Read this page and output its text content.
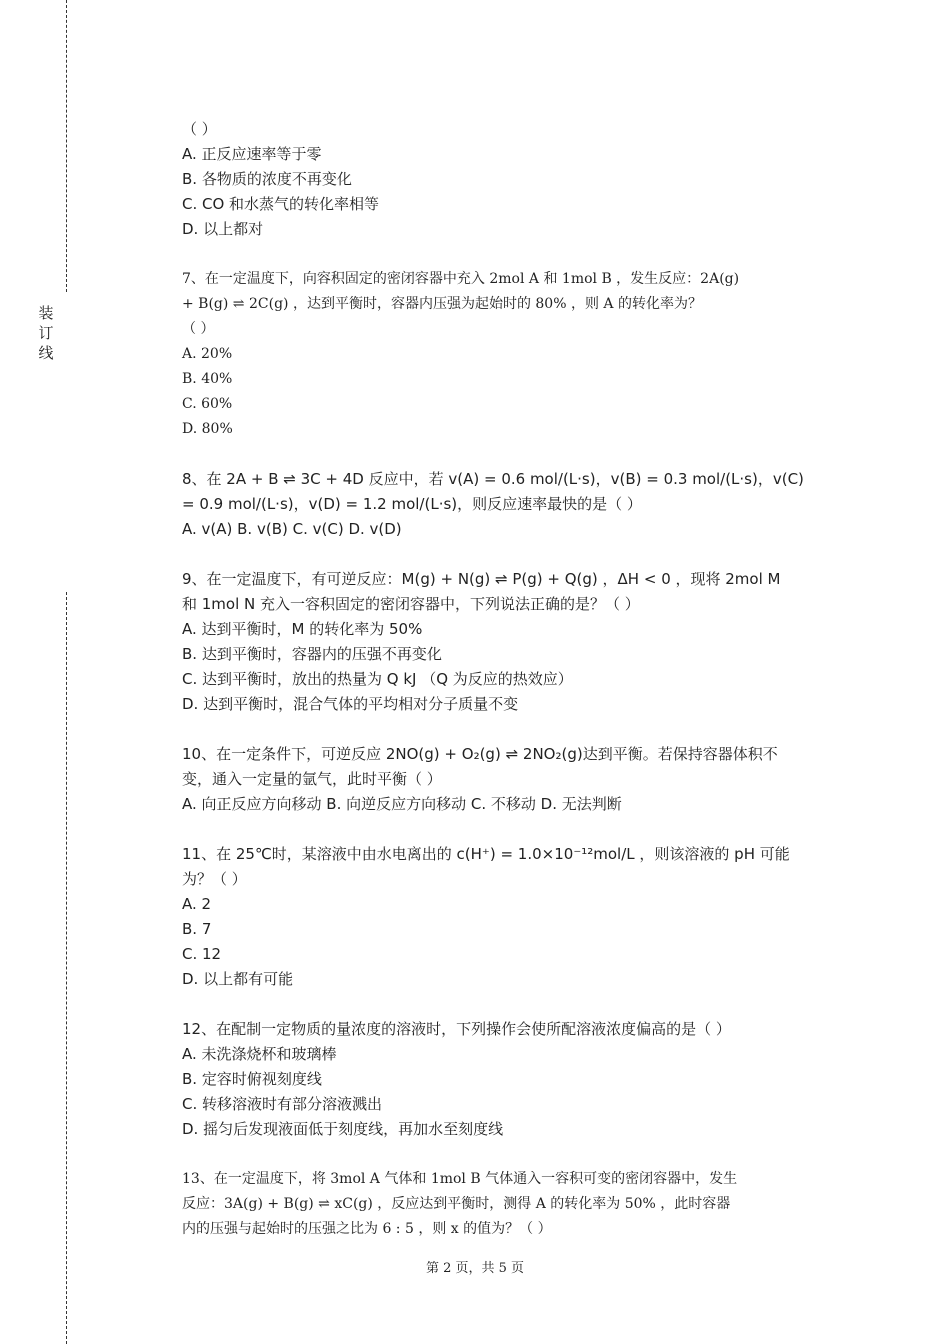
装
订
线
（ ）
A. 正反应速率等于零
B. 各物质的浓度不再变化
C. CO 和水蒸气的转化率相等
D. 以上都对
7、在一定温度下，向容积固定的密闭容器中充入 2mol A 和 1mol B ，发生反应：2A(g)
+ B(g) ⇌ 2C(g) ，达到平衡时，容器内压强为起始时的 80% ，则 A 的转化率为？
（ ）
A. 20%
B. 40%
C. 60%
D. 80%
8、在 2A + B ⇌ 3C + 4D 反应中，若 v(A) = 0.6 mol/(L·s)，v(B) = 0.3 mol/(L·s)，v(C)
= 0.9 mol/(L·s)，v(D) = 1.2 mol/(L·s)，则反应速率最快的是（ ）
A. v(A) B. v(B) C. v(C) D. v(D)
9、在一定温度下，有可逆反应：M(g) + N(g) ⇌ P(g) + Q(g) ，ΔH < 0 ，现将 2mol M
和 1mol N 充入一容积固定的密闭容器中，下列说法正确的是？（ ）
A. 达到平衡时，M 的转化率为 50%
B. 达到平衡时，容器内的压强不再变化
C. 达到平衡时，放出的热量为 Q kJ （Q 为反应的热效应）
D. 达到平衡时，混合气体的平均相对分子质量不变
10、在一定条件下，可逆反应 2NO(g) + O₂(g) ⇌ 2NO₂(g)达到平衡。若保持容器体积不
变，通入一定量的氩气，此时平衡（ ）
A. 向正反应方向移动 B. 向逆反应方向移动 C. 不移动 D. 无法判断
11、在 25℃时，某溶液中由水电离出的 c(H⁺) = 1.0×10⁻¹²mol/L ，则该溶液的 pH 可能
为？（ ）
A. 2
B. 7
C. 12
D. 以上都有可能
12、在配制一定物质的量浓度的溶液时，下列操作会使所配溶液浓度偏高的是（ ）
A. 未洗涤烧杯和玻璃棒
B. 定容时俯视刻度线
C. 转移溶液时有部分溶液溅出
D. 摇匀后发现液面低于刻度线，再加水至刻度线
13、在一定温度下，将 3mol A 气体和 1mol B 气体通入一容积可变的密闭容器中，发生
反应：3A(g) + B(g) ⇌ xC(g) ，反应达到平衡时，测得 A 的转化率为 50% ，此时容器
内的压强与起始时的压强之比为 6 : 5 ，则 x 的值为？（ ）
第 2 页，共 5 页
